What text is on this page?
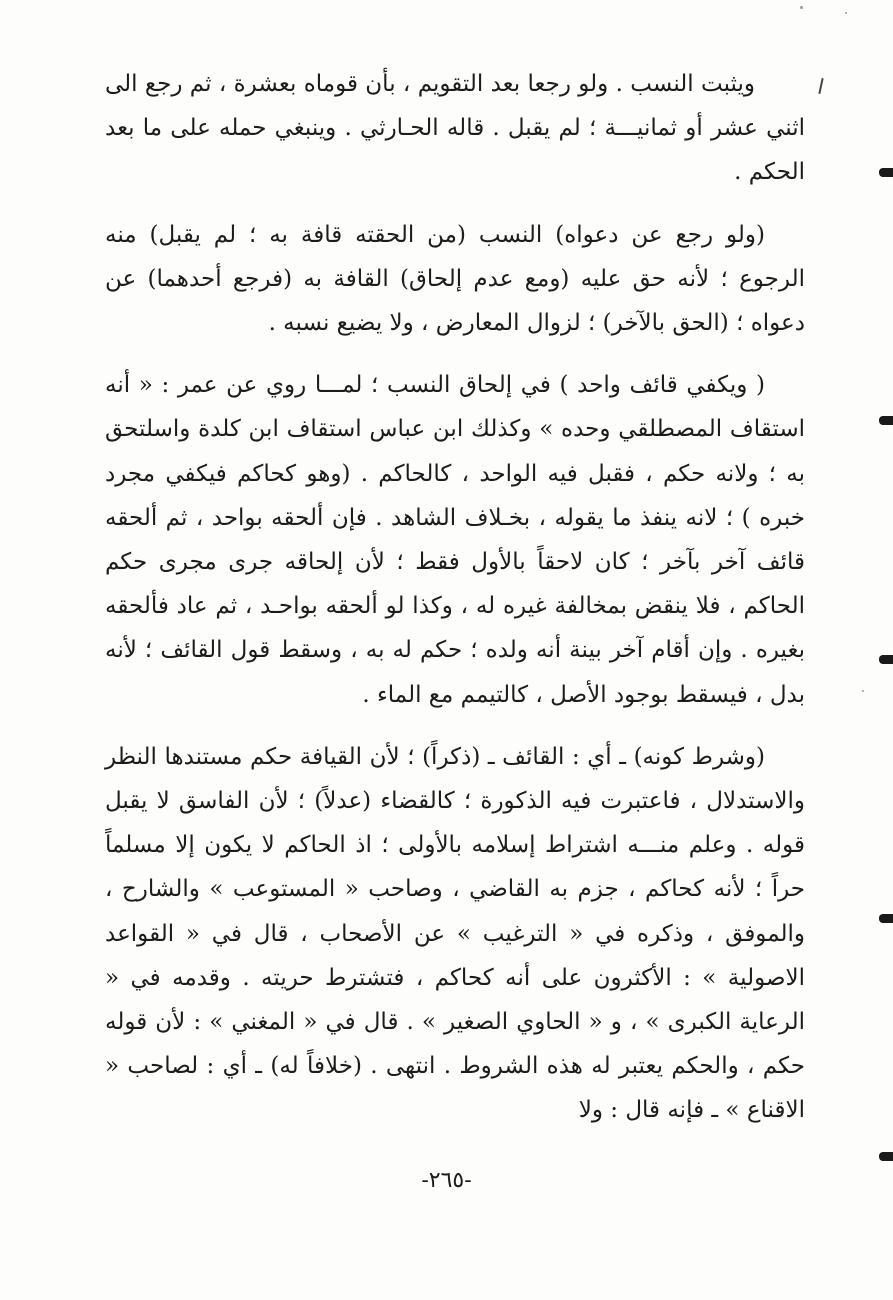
ويثبت النسب . ولو رجعا بعد التقويم ، بأن قوماه بعشرة ، ثم رجع الى اثني عشر أو ثمانيـــة ؛ لم يقبل . قاله الحـارثي . وينبغي حمله على ما بعد الحكم .

(ولو رجع عن دعواه) النسب (من الحقته قافة به ؛ لم يقبل) منه الرجوع ؛ لأنه حق عليه (ومع عدم إلحاق) القافة به (فرجع أحدهما) عن دعواه ؛ (الحق بالآخر) ؛ لزوال المعارض ، ولا يضيع نسبه .

( ويكفي قائف واحد ) في إلحاق النسب ؛ لمـــا روي عن عمر : « أنه استقاف المصطلقي وحده » وكذلك ابن عباس استقاف ابن كلدة واسلتحق به ؛ ولانه حكم ، فقبل فيه الواحد ، كالحاكم . (وهو كحاكم فيكفي مجرد خبره ) ؛ لانه ينفذ ما يقوله ، بخـلاف الشاهد . فإن ألحقه بواحد ، ثم ألحقه قائف آخر بآخر ؛ كان لاحقاً بالأول فقط ؛ لأن إلحاقه جرى مجرى حكم الحاكم ، فلا ينقض بمخالفة غيره له ، وكذا لو ألحقه بواحـد ، ثم عاد فألحقه بغيره . وإن أقام آخر بينة أنه ولده ؛ حكم له به ، وسقط قول القائف ؛ لأنه بدل ، فيسقط بوجود الأصل ، كالتيمم مع الماء .

(وشرط كونه) ـ أي : القائف ـ (ذكراً) ؛ لأن القيافة حكم مستندها النظر والاستدلال ، فاعتبرت فيه الذكورة ؛ كالقضاء (عدلاً) ؛ لأن الفاسق لا يقبل قوله . وعلم منـــه اشتراط إسلامه بالأولى ؛ اذ الحاكم لا يكون إلا مسلماً حراً ؛ لأنه كحاكم ، جزم به القاضي ، وصاحب « المستوعب » والشارح ، والموفق ، وذكره في « الترغيب » عن الأصحاب ، قال في « القواعد الاصولية » : الأكثرون على أنه كحاكم ، فتشترط حريته . وقدمه في « الرعاية الكبرى » ، و « الحاوي الصغير » . قال في « المغني » : لأن قوله حكم ، والحكم يعتبر له هذه الشروط . انتهى . (خلافاً له) ـ أي : لصاحب « الاقناع » ـ فإنه قال : ولا

-٢٦٥-
